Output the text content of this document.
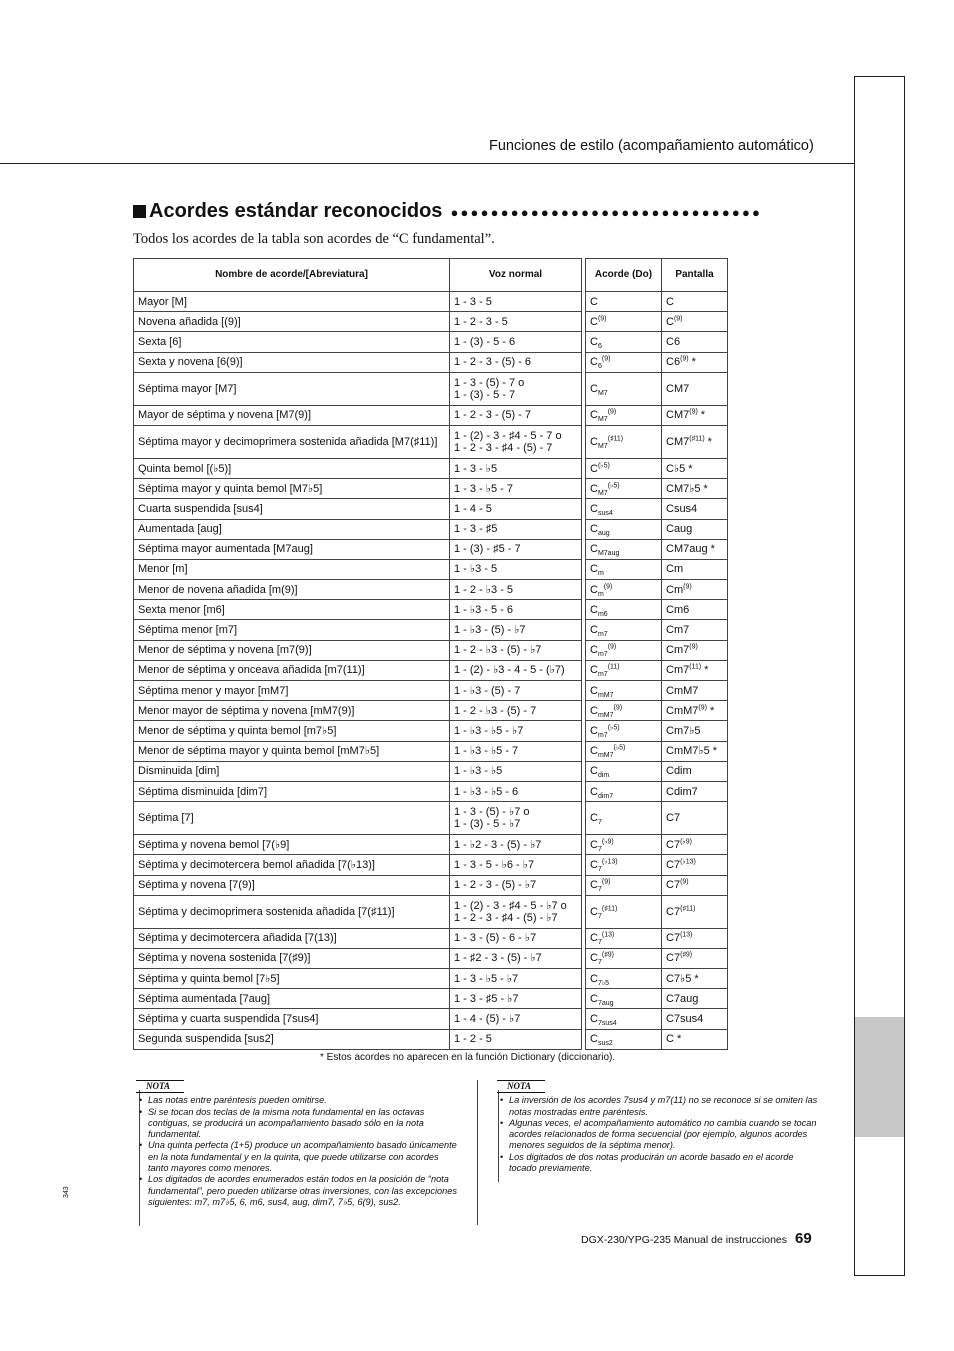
Funciones de estilo (acompañamiento automático)
Acordes estándar reconocidos ●●●●●●●●●●●●●●●●●●●●●●●●●●●●●●●
Todos los acordes de la tabla son acordes de “C fundamental”.
Nombre de acorde/[Abreviatura]	Voz normal
Mayor [M]	1 - 3 - 5

Novena añadida [(9)]	1 - 2 - 3 - 5

Sexta [6]	1 - (3) - 5 - 6

Sexta y novena [6(9)]	1 - 2 - 3 - (5) - 6

Séptima mayor [M7]	1 - 3 - (5) - 7 o
1 - (3) - 5 - 7

Mayor de séptima y novena [M7(9)]	1 - 2 - 3 - (5) - 7

Séptima mayor y decimoprimera sostenida añadida [M7(♯11)]	1 - (2) - 3 - ♯4 - 5 - 7 o
1 - 2 - 3 - ♯4 - (5) - 7

Quinta bemol [(♭5)]	1 - 3 - ♭5

Séptima mayor y quinta bemol [M7♭5]	1 - 3 - ♭5 - 7

Cuarta suspendida [sus4]	1 - 4 - 5

Aumentada [aug]	1 - 3 - ♯5

Séptima mayor aumentada [M7aug]	1 - (3) - ♯5 - 7

Menor [m]	1 - ♭3 - 5

Menor de novena añadida [m(9)]	1 - 2 - ♭3 - 5

Sexta menor [m6]	1 - ♭3 - 5 - 6

Séptima menor [m7]	1 - ♭3 - (5) - ♭7

Menor de séptima y novena [m7(9)]	1 - 2 - ♭3 - (5) - ♭7

Menor de séptima y onceava añadida [m7(11)]	1 - (2) - ♭3 - 4 - 5 - (♭7)

Séptima menor y mayor [mM7]	1 - ♭3 - (5) - 7

Menor mayor de séptima y novena [mM7(9)]	1 - 2 - ♭3 - (5) - 7

Menor de séptima y quinta bemol [m7♭5]	1 - ♭3 - ♭5 - ♭7

Menor de séptima mayor y quinta bemol [mM7♭5]	1 - ♭3 - ♭5 - 7

Disminuida [dim]	1 - ♭3 - ♭5

Séptima disminuida [dim7]	1 - ♭3 - ♭5 - 6

Séptima [7]	1 - 3 - (5) - ♭7 o
1 - (3) - 5 - ♭7

Séptima y novena bemol [7(♭9]	1 - ♭2 - 3 - (5) - ♭7

Séptima y decimotercera bemol añadida [7(♭13)]	1 - 3 - 5 - ♭6 - ♭7

Séptima y novena [7(9)]	1 - 2 - 3 - (5) - ♭7

Séptima y decimoprimera sostenida añadida [7(♯11)]	1 - (2) - 3 - ♯4 - 5 - ♭7 o
1 - 2 - 3 - ♯4 - (5) - ♭7

Séptima y decimotercera añadida [7(13)]	1 - 3 - (5) - 6 - ♭7

Séptima y novena sostenida [7(♯9)]	1 - ♯2 - 3 - (5) - ♭7

Séptima y quinta bemol [7♭5]	1 - 3 - ♭5 - ♭7

Séptima aumentada [7aug]	1 - 3 - ♯5 - ♭7

Séptima y cuarta suspendida [7sus4]	1 - 4 - (5) - ♭7

Segunda suspendida [sus2]	1 - 2 - 5
Acorde (Do)	Pantalla
C	C
$C^{(9)}$	$C^{(9)}$
$C_6$	C6
$C_6^{(9)}$	C6$^{(9)}$ *
$C_{M7}$	CM7
$C_{M7}^{(9)}$	CM7$^{(9)}$ *
$C_{M7}^{(♯11)}$	$CM7^{(♯11)}$ *
$C^{(♭5)}$	C♭5 *
$C_{M7}^{(♭5)}$	CM7♭5 *
$C_{sus4}$	Csus4
$C_{aug}$	Caug
$C_{M7aug}$	CM7aug *
$C_m$	Cm
$C_m^{(9)}$	Cm$^{(9)}$
$C_{m6}$	Cm6
$C_{m7}$	Cm7
$C_{m7}^{(9)}$	Cm7$^{(9)}$
$C_{m7}^{(11)}$	Cm7$^{(11)}$ *
$C_{mM7}$	CmM7
$C_{mM7}^{(9)}$	CmM7$^{(9)}$ *
$C_{m7}^{(♭5)}$	Cm7♭5
$C_{mM7}^{(♭5)}$	CmM7♭5 *
$C_{dim}$	Cdim
$C_{dim7}$	Cdim7
$C_7$	C7
$C_7^{(♭9)}$	$C7^{(♭9)}$
$C_7^{(♭13)}$	$C7^{(♭13)}$
$C_7^{(9)}$	C7$^{(9)}$
$C_7^{(♯11)}$	$C7^{(♯11)}$
$C_7^{(13)}$	C7$^{(13)}$
$C_7^{(♯9)}$	$C7^{(♯9)}$
$C_{7♭5}$	C7♭5 *
$C_{7aug}$	C7aug
$C_{7sus4}$	C7sus4
$C_{sus2}$	C *
* Estos acordes no aparecen en la función Dictionary (diccionario).
NOTA
• Las notas entre paréntesis pueden omitirse.
• Si se tocan dos teclas de la misma nota fundamental en las octavas contiguas, se producirá un acompañamiento basado sólo en la nota fundamental.
• Una quinta perfecta (1+5) produce un acompañamiento basado únicamente en la nota fundamental y en la quinta, que puede utilizarse con acordes tanto mayores como menores.
• Los digitados de acordes enumerados están todos en la posición de “nota fundamental”, pero pueden utilizarse otras inversiones, con las excepciones siguientes: m7, m7♭5, 6, m6, sus4, aug, dim7, 7♭5, 6(9), sus2.
NOTA
• La inversión de los acordes 7sus4 y m7(11) no se reconoce si se omiten las notas mostradas entre paréntesis.
• Algunas veces, el acompañamiento automático no cambia cuando se tocan acordes relacionados de forma secuencial (por ejemplo, algunos acordes menores seguidos de la séptima menor).
• Los digitados de dos notas producirán un acorde basado en el acorde tocado previamente.
343
DGX-230/YPG-235 Manual de instrucciones 69
